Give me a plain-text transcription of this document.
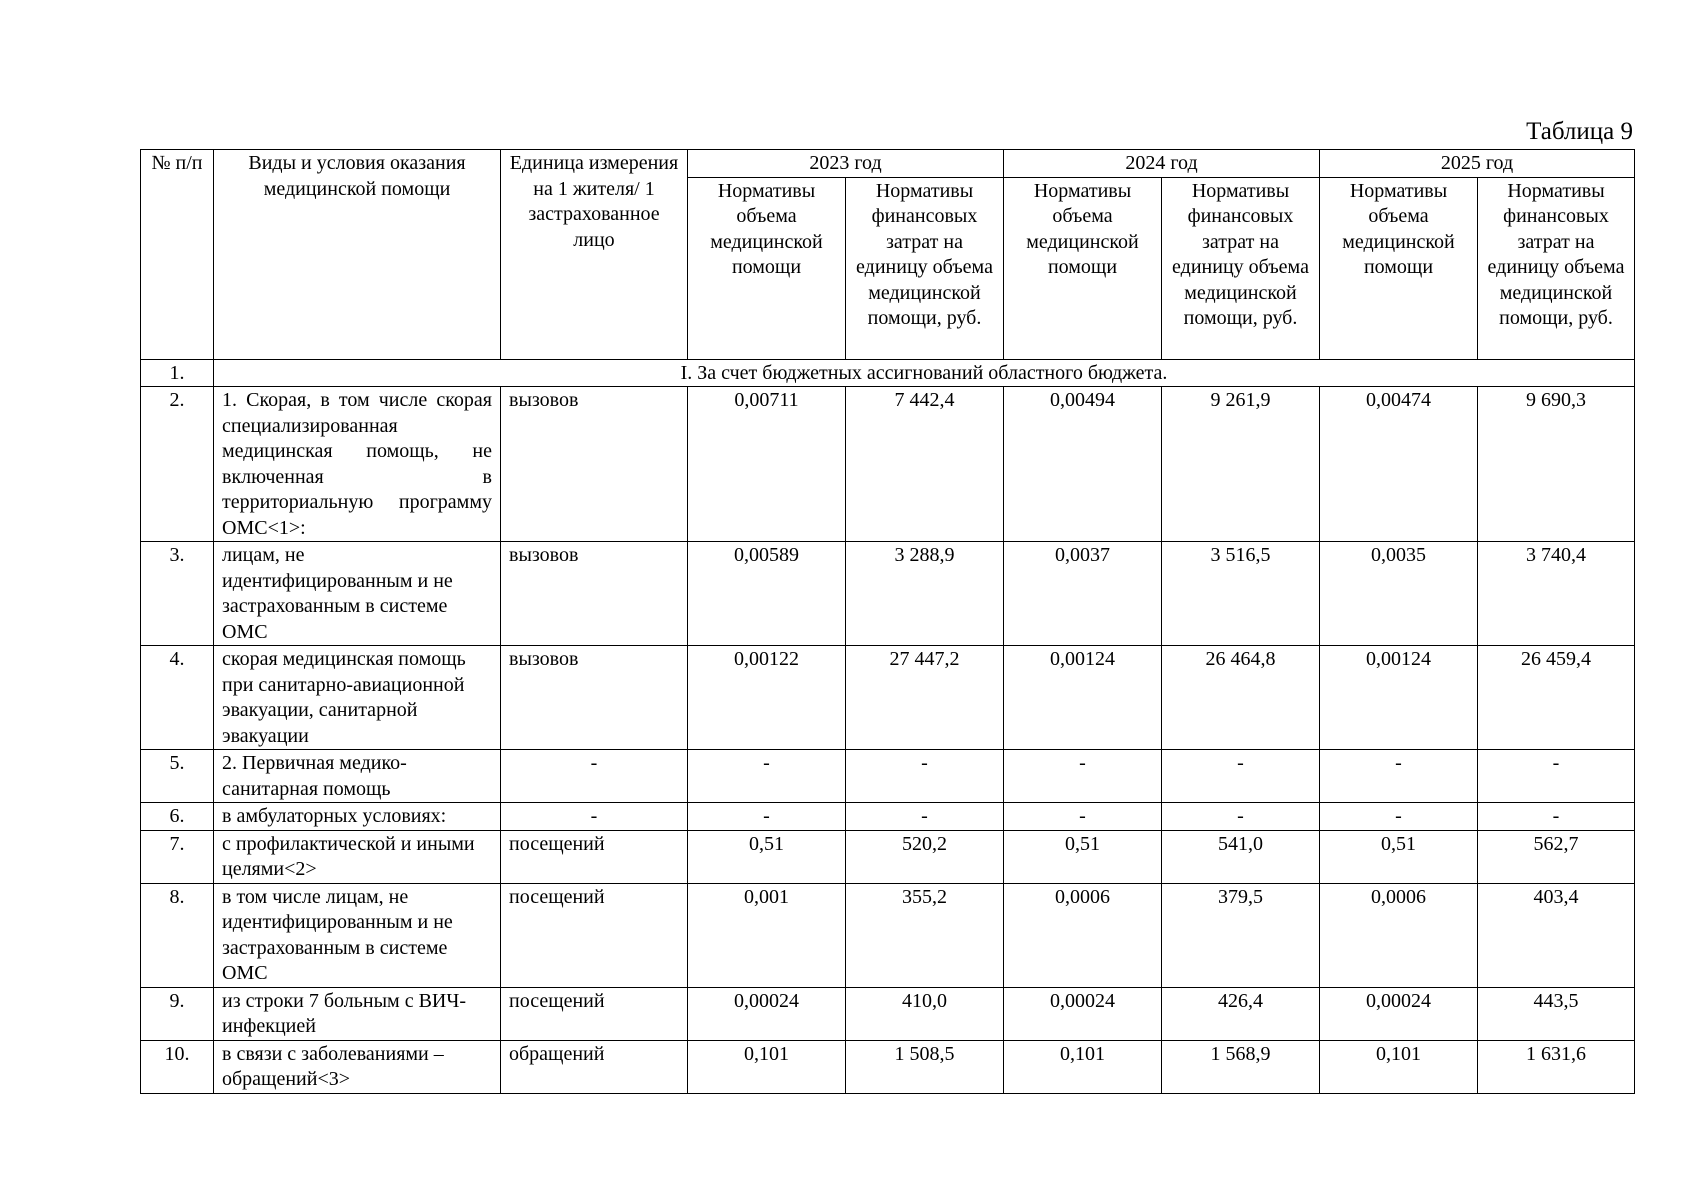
Таблица 9
№ п/п	Виды и условия оказания медицинской помощи	Единица измерения на 1 жителя/ 1 застрахованное лицо	2023 год		2024 год		2025 год	
			Нормативы объема медицинской помощи	Нормативы финансовых затрат на единицу объема медицинской помощи, руб.	Нормативы объема медицинской помощи	Нормативы финансовых затрат на единицу объема медицинской помощи, руб.	Нормативы объема медицинской помощи	Нормативы финансовых затрат на единицу объема медицинской помощи, руб.
1.	I. За счет бюджетных ассигнований областного бюджета.							
2.	1. Скорая, в том числе скорая специализированная медицинская помощь, не включенная в территориальную программу ОМС<1>:	вызовов	0,00711	7 442,4	0,00494	9 261,9	0,00474	9 690,3
3.	лицам, не идентифицированным и не застрахованным в системе ОМС	вызовов	0,00589	3 288,9	0,0037	3 516,5	0,0035	3 740,4
4.	скорая медицинская помощь при санитарно-авиационной эвакуации, санитарной эвакуации	вызовов	0,00122	27 447,2	0,00124	26 464,8	0,00124	26 459,4
5.	2. Первичная медико-санитарная помощь	-	-	-	-	-	-	-
6.	в амбулаторных условиях:	-	-	-	-	-	-	-
7.	с профилактической и иными целями<2>	посещений	0,51	520,2	0,51	541,0	0,51	562,7
8.	в том числе лицам, не идентифицированным и не застрахованным в системе ОМС	посещений	0,001	355,2	0,0006	379,5	0,0006	403,4
9.	из строки 7 больным с ВИЧ-инфекцией	посещений	0,00024	410,0	0,00024	426,4	0,00024	443,5
10.	в связи с заболеваниями – обращений<3>	обращений	0,101	1 508,5	0,101	1 568,9	0,101	1 631,6
